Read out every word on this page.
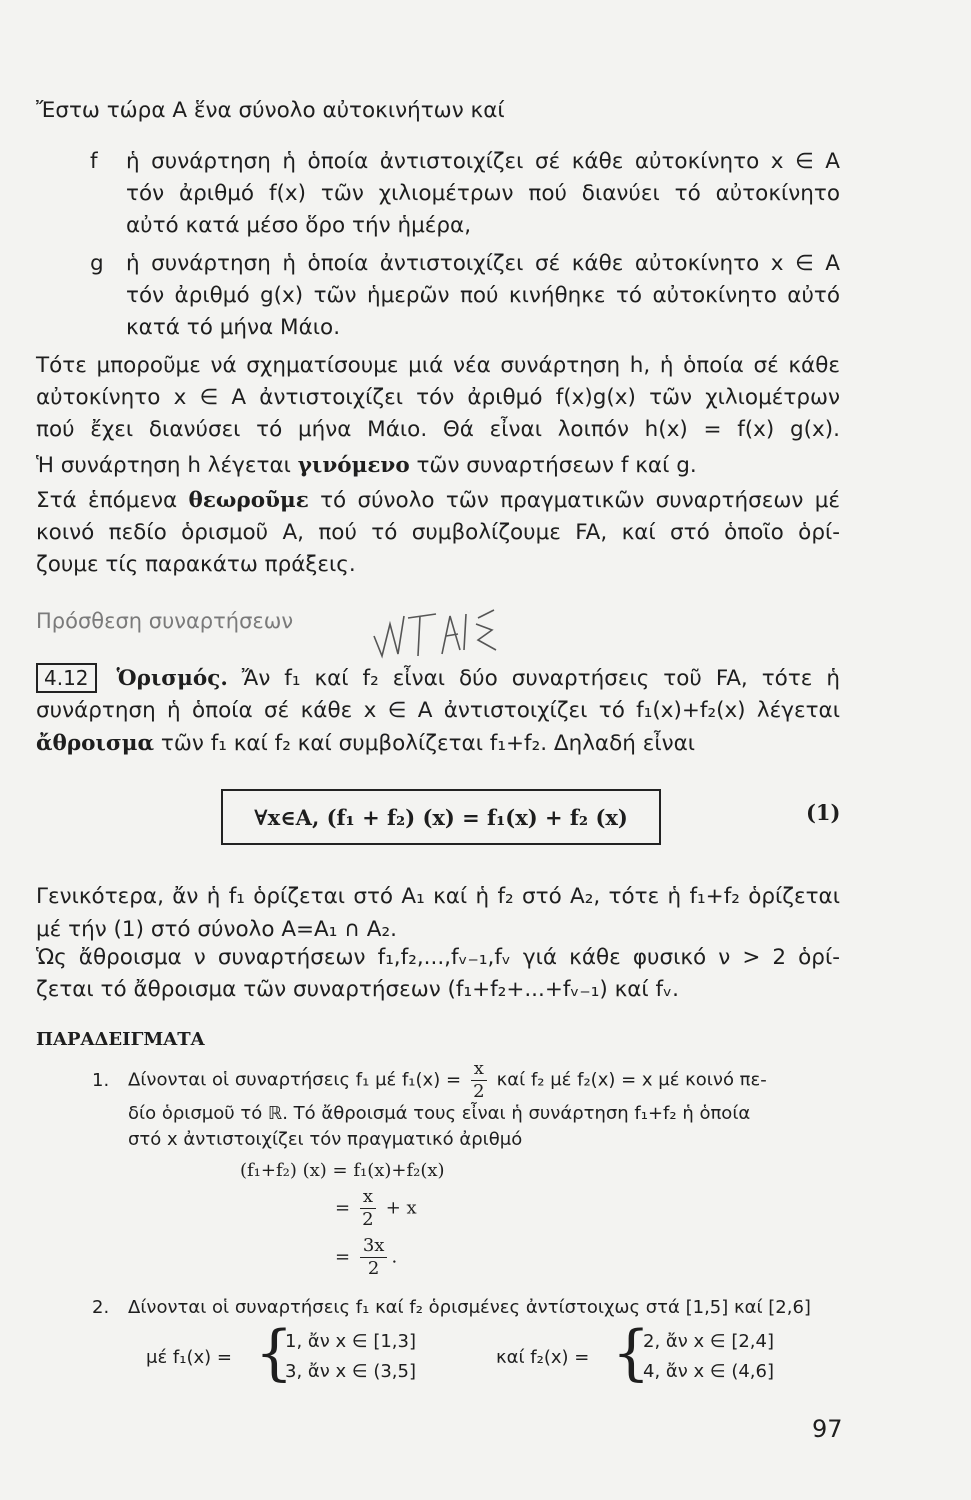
Ἔστω τώρα Α ἕνα σύνολο αὐτοκινήτων καί
f ἡ συνάρτηση ἡ ὁποία ἀντιστοιχίζει σέ κάθε αὐτοκίνητο x ∈ A
τόν ἀριθμό f(x) τῶν χιλιομέτρων πού διανύει τό αὐτοκίνητο
αὐτό κατά μέσο ὅρο τήν ἡμέρα,
g ἡ συνάρτηση ἡ ὁποία ἀντιστοιχίζει σέ κάθε αὐτοκίνητο x ∈ A
τόν ἀριθμό g(x) τῶν ἡμερῶν πού κινήθηκε τό αὐτοκίνητο αὐτό
κατά τό μήνα Μάιο.
Τότε μποροῦμε νά σχηματίσουμε μιά νέα συνάρτηση h, ἡ ὁποία σέ κάθε
αὐτοκίνητο x ∈ A ἀντιστοιχίζει τόν ἀριθμό f(x)g(x) τῶν χιλιομέτρων
πού ἔχει διανύσει τό μήνα Μάιο. Θά εἶναι λοιπόν h(x) = f(x) g(x).
Ἡ συνάρτηση h λέγεται γινόμενο τῶν συναρτήσεων f καί g.
Στά ἑπόμενα θεωροῦμε τό σύνολο τῶν πραγματικῶν συναρτήσεων μέ
κοινό πεδίο ὁρισμοῦ Α, πού τό συμβολίζουμε FA, καί στό ὁποῖο ὁρί-
ζουμε τίς παρακάτω πράξεις.
Πρόσθεση συναρτήσεων
4.12 Ὁρισμός. Ἄν f₁ καί f₂ εἶναι δύο συναρτήσεις τοῦ FA, τότε ἡ
συνάρτηση ἡ ὁποία σέ κάθε x ∈ A ἀντιστοιχίζει τό f₁(x)+f₂(x) λέγεται
ἄθροισμα τῶν f₁ καί f₂ καί συμβολίζεται f₁+f₂. Δηλαδή εἶναι
∀x∈A, (f₁ + f₂) (x) = f₁(x) + f₂ (x)	(1)
Γενικότερα, ἄν ἡ f₁ ὁρίζεται στό A₁ καί ἡ f₂ στό A₂, τότε ἡ f₁+f₂ ὁρίζεται
μέ τήν (1) στό σύνολο A=A₁ ∩ A₂.
Ὡς ἄθροισμα ν συναρτήσεων f₁,f₂,...,fᵥ₋₁,fᵥ γιά κάθε φυσικό ν > 2 ὁρί-
ζεται τό ἄθροισμα τῶν συναρτήσεων (f₁+f₂+...+fᵥ₋₁) καί fᵥ.
ΠΑΡΑΔΕΙΓΜΑΤΑ
1. Δίνονται οἱ συναρτήσεις f₁ μέ $f_1(x) = \frac{x}{2}$ καί f₂ μέ f₂(x) = x μέ κοινό πε-
δίο ὁρισμοῦ τό ℝ. Τό ἄθροισμά τους εἶναι ἡ συνάρτηση f₁+f₂ ἡ ὁποία
στό x ἀντιστοιχίζει τόν πραγματικό ἀριθμό
(f₁+f₂) (x) = f₁(x)+f₂(x)
= $\frac{x}{2} + x$
= $\frac{3x}{2}$ .
2. Δίνονται οἱ συναρτήσεις f₁ καί f₂ ὁρισμένες ἀντίστοιχως στά [1,5] καί [2,6]
μέ f₁(x) = {
1, ἄν x ∈ [1,3]
3, ἄν x ∈ (3,5]
καί f₂(x) = {
2, ἄν x ∈ [2,4]
4, ἄν x ∈ (4,6]
97
